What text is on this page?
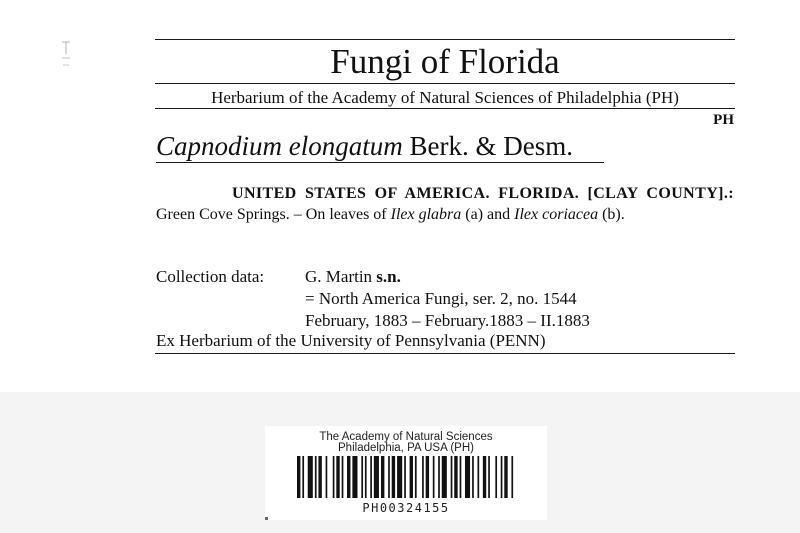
Fungi of Florida
Herbarium of the Academy of Natural Sciences of Philadelphia (PH)
PH
Capnodium elongatum Berk. & Desm.
UNITED STATES OF AMERICA. FLORIDA. [CLAY COUNTY].: Green Cove Springs. – On leaves of Ilex glabra (a) and Ilex coriacea (b).
Collection data: G. Martin s.n.
= North America Fungi, ser. 2, no. 1544
February, 1883 – February.1883 – II.1883
Ex Herbarium of the University of Pennsylvania (PENN)
The Academy of Natural Sciences
Philadelphia, PA USA (PH)
PH00324155
